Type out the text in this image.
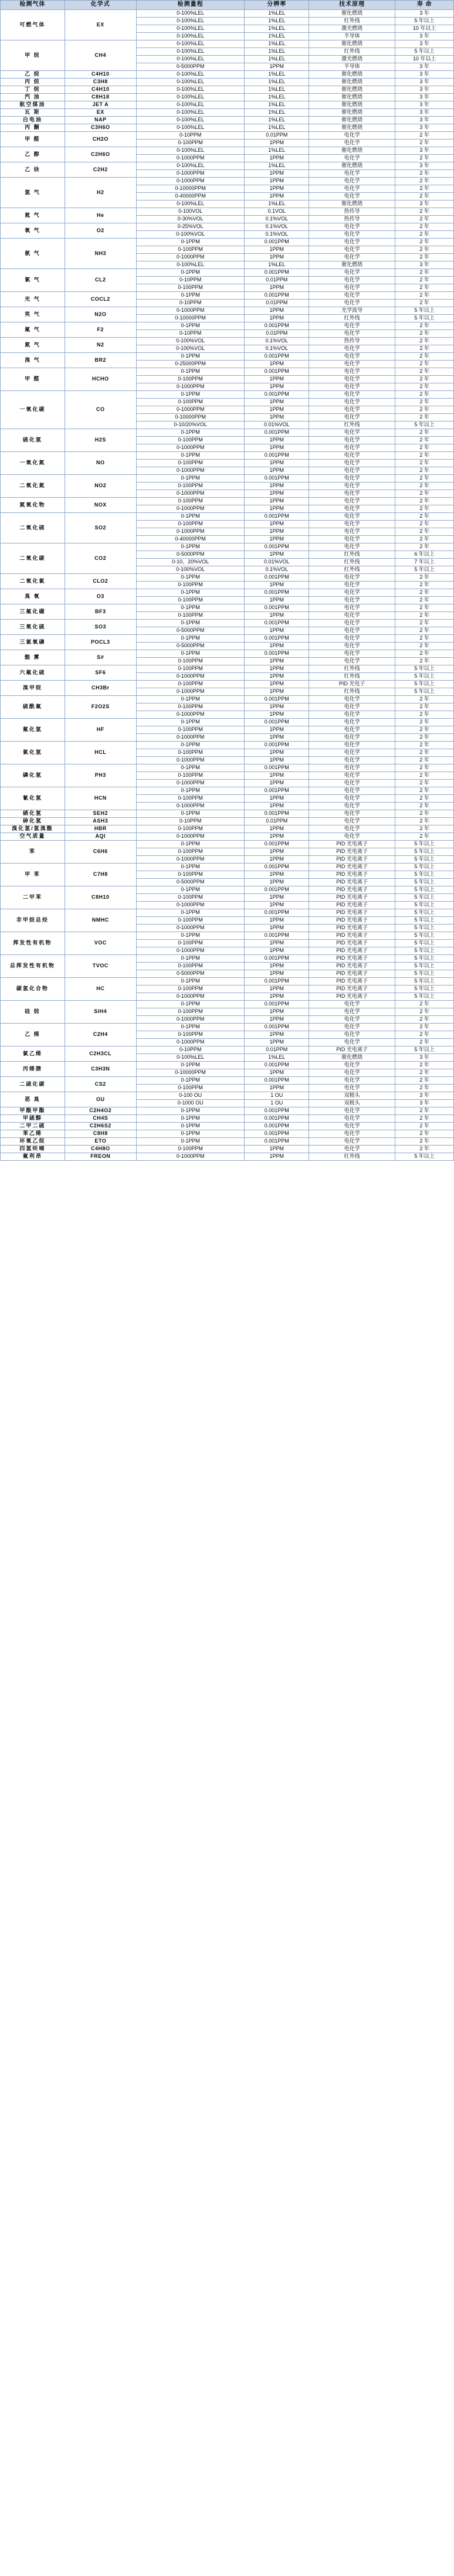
检测气体	化学式	检测量程	分辨率	技术原理	寿 命
可燃气体	EX	0-100%LEL	1%LEL	催化燃烧	3 年
		0-100%LEL	1%LEL	红外线	5 年以上
		0-100%LEL	1%LEL	激光燃烧	10 年以上
		0-100%LEL	1%LEL	半导体	3 年
甲 烷	CH4	0-100%LEL	1%LEL	催化燃烧	3 年
		0-100%LEL	1%LEL	红外线	5 年以上
		0-100%LEL	1%LEL	激光燃烧	10 年以上
		0-5000PPM	1PPM	半导体	3 年
乙 烷	C4H10	0-100%LEL	1%LEL	催化燃烧	3 年
丙 烷	C3H8	0-100%LEL	1%LEL	催化燃烧	3 年
丁 烷	C4H10	0-100%LEL	1%LEL	催化燃烧	3 年
汽 油	C8H18	0-100%LEL	1%LEL	催化燃烧	3 年
航空煤油	JET A	0-100%LEL	1%LEL	催化燃烧	3 年
瓦 斯	EX	0-100%LEL	1%LEL	催化燃烧	3 年
白电油	NAP	0-100%LEL	1%LEL	催化燃烧	3 年
丙 酮	C3H6O	0-100%LEL	1%LEL	催化燃烧	3 年
甲 醛	CH2O	0-10PPM	0.01PPM	电化学	2 年
		0-100PPM	1PPM	电化学	2 年
乙 醇	C2H6O	0-100%LEL	1%LEL	催化燃烧	3 年
		0-1000PPM	1PPM	电化学	2 年
乙 炔	C2H2	0-100%LEL	1%LEL	催化燃烧	3 年
		0-1000PPM	1PPM	电化学	2 年
氢 气	H2	0-1000PPM	1PPM	电化学	2 年
		0-10000PPM	1PPM	电化学	2 年
		0-40000PPM	1PPM	电化学	2 年
		0-100%LEL	1%LEL	催化燃烧	3 年
氦 气	He	0-100VOL	0.1VOL	热传导	2 年
		0-30%VOL	0.1%VOL	热传导	2 年
氧 气	O2	0-25%VOL	0.1%VOL	电化学	2 年
		0-100%VOL	0.1%VOL	电化学	2 年
氨 气	NH3	0-1PPM	0.001PPM	电化学	2 年
		0-100PPM	1PPM	电化学	2 年
		0-1000PPM	1PPM	电化学	2 年
		0-100%LEL	1%LEL	催化燃烧	3 年
氯 气	CL2	0-1PPM	0.001PPM	电化学	2 年
		0-10PPM	0.01PPM	电化学	2 年
		0-100PPM	1PPM	电化学	2 年
光 气	COCL2	0-1PPM	0.001PPM	电化学	2 年
		0-10PPM	0.01PPM	电化学	2 年
笑 气	N2O	0-1000PPM	1PPM	光学波导	5 年以上
		0-10000PPM	1PPM	红外线	5 年以上
氟 气	F2	0-1PPM	0.001PPM	电化学	2 年
		0-10PPM	0.01PPM	电化学	2 年
氮 气	N2	0-100%VOL	0.1%VOL	热传导	2 年
		0-100%VOL	0.1%VOL	电化学	2 年
溴 气	BR2	0-1PPM	0.001PPM	电化学	2 年
		0-25000PPM	1PPM	电化学	2 年
甲 醛	HCHO	0-1PPM	0.001PPM	电化学	2 年
		0-100PPM	1PPM	电化学	2 年
		0-1000PPM	1PPM	电化学	2 年
一氧化碳	CO	0-1PPM	0.001PPM	电化学	2 年
		0-100PPM	1PPM	电化学	2 年
		0-1000PPM	1PPM	电化学	2 年
		0-10000PPM	1PPM	电化学	2 年
		0-10/20%VOL	0.01%VOL	红外线	5 年以上
硫化氢	H2S	0-1PPM	0.001PPM	电化学	2 年
		0-100PPM	1PPM	电化学	2 年
		0-1000PPM	1PPM	电化学	2 年
一氧化氮	NO	0-1PPM	0.001PPM	电化学	2 年
		0-100PPM	1PPM	电化学	2 年
		0-1000PPM	1PPM	电化学	2 年
二氧化氮	NO2	0-1PPM	0.001PPM	电化学	2 年
		0-100PPM	1PPM	电化学	2 年
		0-1000PPM	1PPM	电化学	2 年
氮氧化物	NOX	0-100PPM	1PPM	电化学	2 年
		0-1000PPM	1PPM	电化学	2 年
二氧化硫	SO2	0-1PPM	0.001PPM	电化学	2 年
		0-100PPM	1PPM	电化学	2 年
		0-1000PPM	1PPM	电化学	2 年
		0-40000PPM	1PPM	电化学	2 年
二氧化碳	CO2	0-1PPM	0.001PPM	电化学	2 年
		0-5000PPM	1PPM	红外线	6 年以上
		0-10、20%VOL	0.01%VOL	红外线	7 年以上
		0-100%VOL	0.1%VOL	红外线	5 年以上
二氧化氯	CLO2	0-1PPM	0.001PPM	电化学	2 年
		0-100PPM	1PPM	电化学	2 年
臭 氧	O3	0-1PPM	0.001PPM	电化学	2 年
		0-100PPM	1PPM	电化学	2 年
三氟化硼	BF3	0-1PPM	0.001PPM	电化学	2 年
		0-100PPM	1PPM	电化学	2 年
三氧化硫	SO3	0-1PPM	0.001PPM	电化学	2 年
		0-5000PPM	1PPM	电化学	2 年
三氯氧磷	POCL3	0-1PPM	0.001PPM	电化学	2 年
		0-5000PPM	1PPM	电化学	2 年
酸 雾	S#	0-1PPM	0.001PPM	电化学	2 年
		0-100PPM	1PPM	电化学	2 年
六氟化硫	SF6	0-100PPM	1PPM	红外线	5 年以上
		0-1000PPM	1PPM	红外线	5 年以上
溴甲烷	CH3Br	0-100PPM	1PPM	PID 光电子	5 年以上
		0-1000PPM	1PPM	红外线	5 年以上
硫酰氟	F2O2S	0-1PPM	0.001PPM	电化学	2 年
		0-100PPM	1PPM	电化学	2 年
		0-1000PPM	1PPM	电化学	2 年
氟化氢	HF	0-1PPM	0.001PPM	电化学	2 年
		0-100PPM	1PPM	电化学	2 年
		0-1000PPM	1PPM	电化学	2 年
氯化氢	HCL	0-1PPM	0.001PPM	电化学	2 年
		0-100PPM	1PPM	电化学	2 年
		0-1000PPM	1PPM	电化学	2 年
磷化氢	PH3	0-1PPM	0.001PPM	电化学	2 年
		0-100PPM	1PPM	电化学	2 年
		0-1000PPM	1PPM	电化学	2 年
氰化氢	HCN	0-1PPM	0.001PPM	电化学	2 年
		0-100PPM	1PPM	电化学	2 年
		0-1000PPM	1PPM	电化学	2 年
硒化氢	SEH2	0-1PPM	0.001PPM	电化学	2 年
砷化氢	ASH3	0-10PPM	0.01PPM	电化学	2 年
溴化氢/氢溴酸	HBR	0-100PPM	1PPM	电化学	2 年
空气质量	AQI	0-1000PPM	1PPM	电化学	2 年
苯	C6H6	0-1PPM	0.001PPM	PID 光电离子	5 年以上
		0-100PPM	1PPM	PID 光电离子	5 年以上
		0-1000PPM	1PPM	PID 光电离子	5 年以上
甲 苯	C7H8	0-1PPM	0.001PPM	PID 光电离子	5 年以上
		0-100PPM	1PPM	PID 光电离子	5 年以上
		0-5000PPM	1PPM	PID 光电离子	5 年以上
二甲苯	C8H10	0-1PPM	0.001PPM	PID 光电离子	5 年以上
		0-100PPM	1PPM	PID 光电离子	5 年以上
		0-1000PPM	1PPM	PID 光电离子	5 年以上
非甲烷总烃	NMHC	0-1PPM	0.001PPM	PID 光电离子	5 年以上
		0-100PPM	1PPM	PID 光电离子	5 年以上
		0-1000PPM	1PPM	PID 光电离子	5 年以上
挥发性有机物	VOC	0-1PPM	0.001PPM	PID 光电离子	5 年以上
		0-100PPM	1PPM	PID 光电离子	5 年以上
		0-1000PPM	1PPM	PID 光电离子	5 年以上
总挥发性有机物	TVOC	0-1PPM	0.001PPM	PID 光电离子	5 年以上
		0-100PPM	1PPM	PID 光电离子	5 年以上
		0-5000PPM	1PPM	PID 光电离子	5 年以上
碳氢化合物	HC	0-1PPM	0.001PPM	PID 光电离子	5 年以上
		0-100PPM	1PPM	PID 光电离子	5 年以上
		0-1000PPM	1PPM	PID 光电离子	5 年以上
硅 烷	SIH4	0-1PPM	0.001PPM	电化学	2 年
		0-100PPM	1PPM	电化学	2 年
		0-1000PPM	1PPM	电化学	2 年
乙 烯	C2H4	0-1PPM	0.001PPM	电化学	2 年
		0-100PPM	1PPM	电化学	2 年
		0-1000PPM	1PPM	电化学	2 年
氯乙烯	C2H3CL	0-10PPM	0.01PPM	PID 光电离子	5 年以上
		0-100%LEL	1%LEL	催化燃烧	3 年
丙烯腈	C3H3N	0-1PPM	0.001PPM	电化学	2 年
		0-10000PPM	1PPM	电化学	2 年
二硫化碳	CS2	0-1PPM	0.001PPM	电化学	2 年
		0-100PPM	1PPM	电化学	2 年
恶 臭	OU	0-100 OU	1 OU	双极头	3 年
		0-1000 OU	1 OU	双极头	3 年
甲酸甲酯	C2H4O2	0-1PPM	0.001PPM	电化学	2 年
甲硫醇	CH4S	0-1PPM	0.001PPM	电化学	2 年
二甲二硫	C2H6S2	0-1PPM	0.001PPM	电化学	2 年
苯乙烯	C8H8	0-1PPM	0.001PPM	电化学	2 年
环氧乙烷	ETO	0-1PPM	0.001PPM	电化学	2 年
四氢呋喃	C4H8O	0-100PPM	1PPM	电化学	2 年
氟利昂	FREON	0-1000PPM	1PPM	红外线	5 年以上
